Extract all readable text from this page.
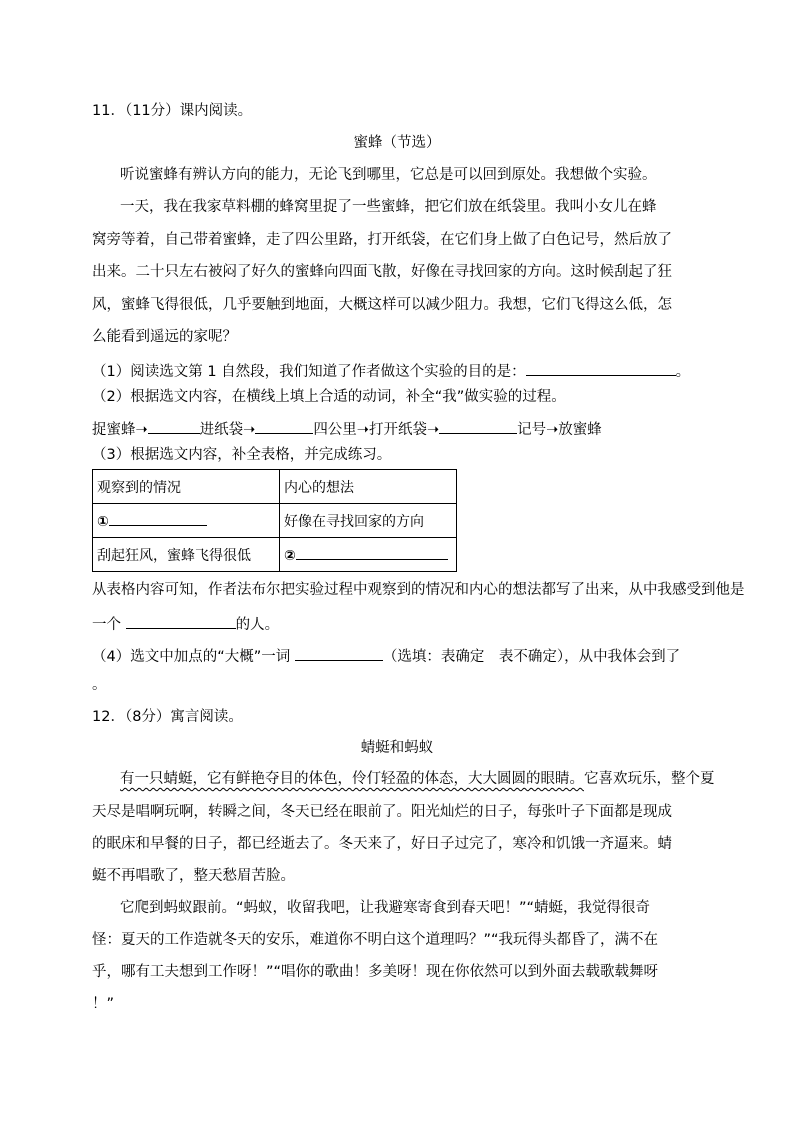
11．（11分）课内阅读。
蜜蜂（节选）
听说蜜蜂有辨认方向的能力，无论飞到哪里，它总是可以回到原处。我想做个实验。
一天，我在我家草料棚的蜂窝里捉了一些蜜蜂，把它们放在纸袋里。我叫小女儿在蜂
窝旁等着，自己带着蜜蜂，走了四公里路，打开纸袋，在它们身上做了白色记号，然后放了
出来。二十只左右被闷了好久的蜜蜂向四面飞散，好像在寻找回家的方向。这时候刮起了狂
风，蜜蜂飞得很低，几乎要触到地面，大概这样可以减少阻力。我想，它们飞得这么低，怎
么能看到遥远的家呢？
（1）阅读选文第 1 自然段，我们知道了作者做这个实验的目的是：	。
（2）根据选文内容，在横线上填上合适的动词，补全“我”做实验的过程。
捉蜜蜂➝	进纸袋➝	四公里➝打开纸袋➝	记号➝放蜜蜂
（3）根据选文内容，补全表格，并完成练习。
观察到的情况	内心的想法
①	好像在寻找回家的方向
刮起狂风，蜜蜂飞得很低	②
从表格内容可知，作者法布尔把实验过程中观察到的情况和内心的想法都写了出来，从中我感受到他是
一个	的人。
（4）选文中加点的“大概”一词	（选填：表确定　表不确定），从中我体会到了
。
12．（8分）寓言阅读。
蜻蜓和蚂蚁
有一只蜻蜓，它有鲜艳夺目的体色，伶仃轻盈的体态，大大圆圆的眼睛。它喜欢玩乐，整个夏
天尽是唱啊玩啊，转瞬之间，冬天已经在眼前了。阳光灿烂的日子，每张叶子下面都是现成
的眠床和早餐的日子，都已经逝去了。冬天来了，好日子过完了，寒冷和饥饿一齐逼来。蜻
蜓不再唱歌了，整天愁眉苦脸。
它爬到蚂蚁跟前。“蚂蚁，收留我吧，让我避寒寄食到春天吧！”“蜻蜓，我觉得很奇
怪：夏天的工作造就冬天的安乐，难道你不明白这个道理吗？”“我玩得头都昏了，满不在
乎，哪有工夫想到工作呀！”“唱你的歌曲！多美呀！现在你依然可以到外面去载歌载舞呀
！”
